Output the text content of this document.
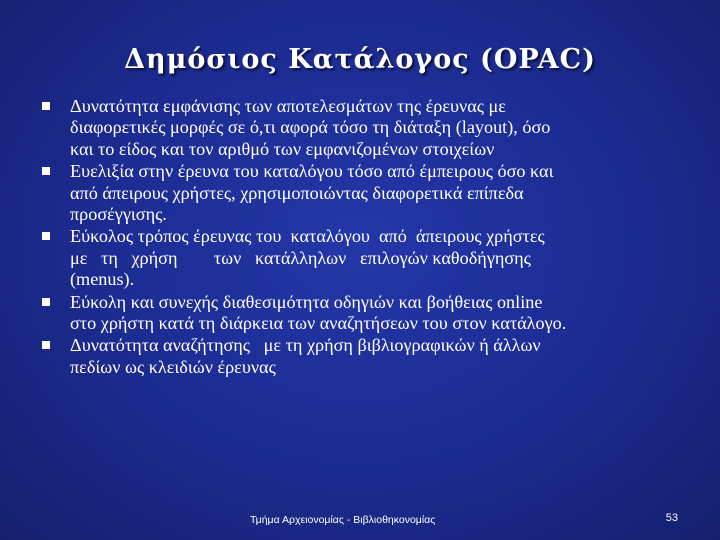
Δημόσιος Κατάλογος (OPAC)
Δυνατότητα εμφάνισης των αποτελεσμάτων της έρευνας με
διαφορετικές μορφές σε ό,τι αφορά τόσο τη διάταξη (layout), όσο
και το είδος και τον αριθμό των εμφανιζομένων στοιχείων
Ευελιξία στην έρευνα του καταλόγου τόσο από έμπειρους όσο και
από άπειρους χρήστες, χρησιμοποιώντας διαφορετικά επίπεδα
προσέγγισης.
Εύκολος τρόπος έρευνας του  καταλόγου  από  άπειρους χρήστες
με   τη   χρήση        των   κατάλληλων   επιλογών καθοδήγησης
(menus).
Εύκολη και συνεχής διαθεσιμότητα οδηγιών και βοήθειας online
στο χρήστη κατά τη διάρκεια των αναζητήσεων του στον κατάλογο.
Δυνατότητα αναζήτησης   με τη χρήση βιβλιογραφικών ή άλλων
πεδίων ως κλειδιών έρευνας
Τμήμα Αρχειονομίας - Βιβλιοθηκονομίας	53
